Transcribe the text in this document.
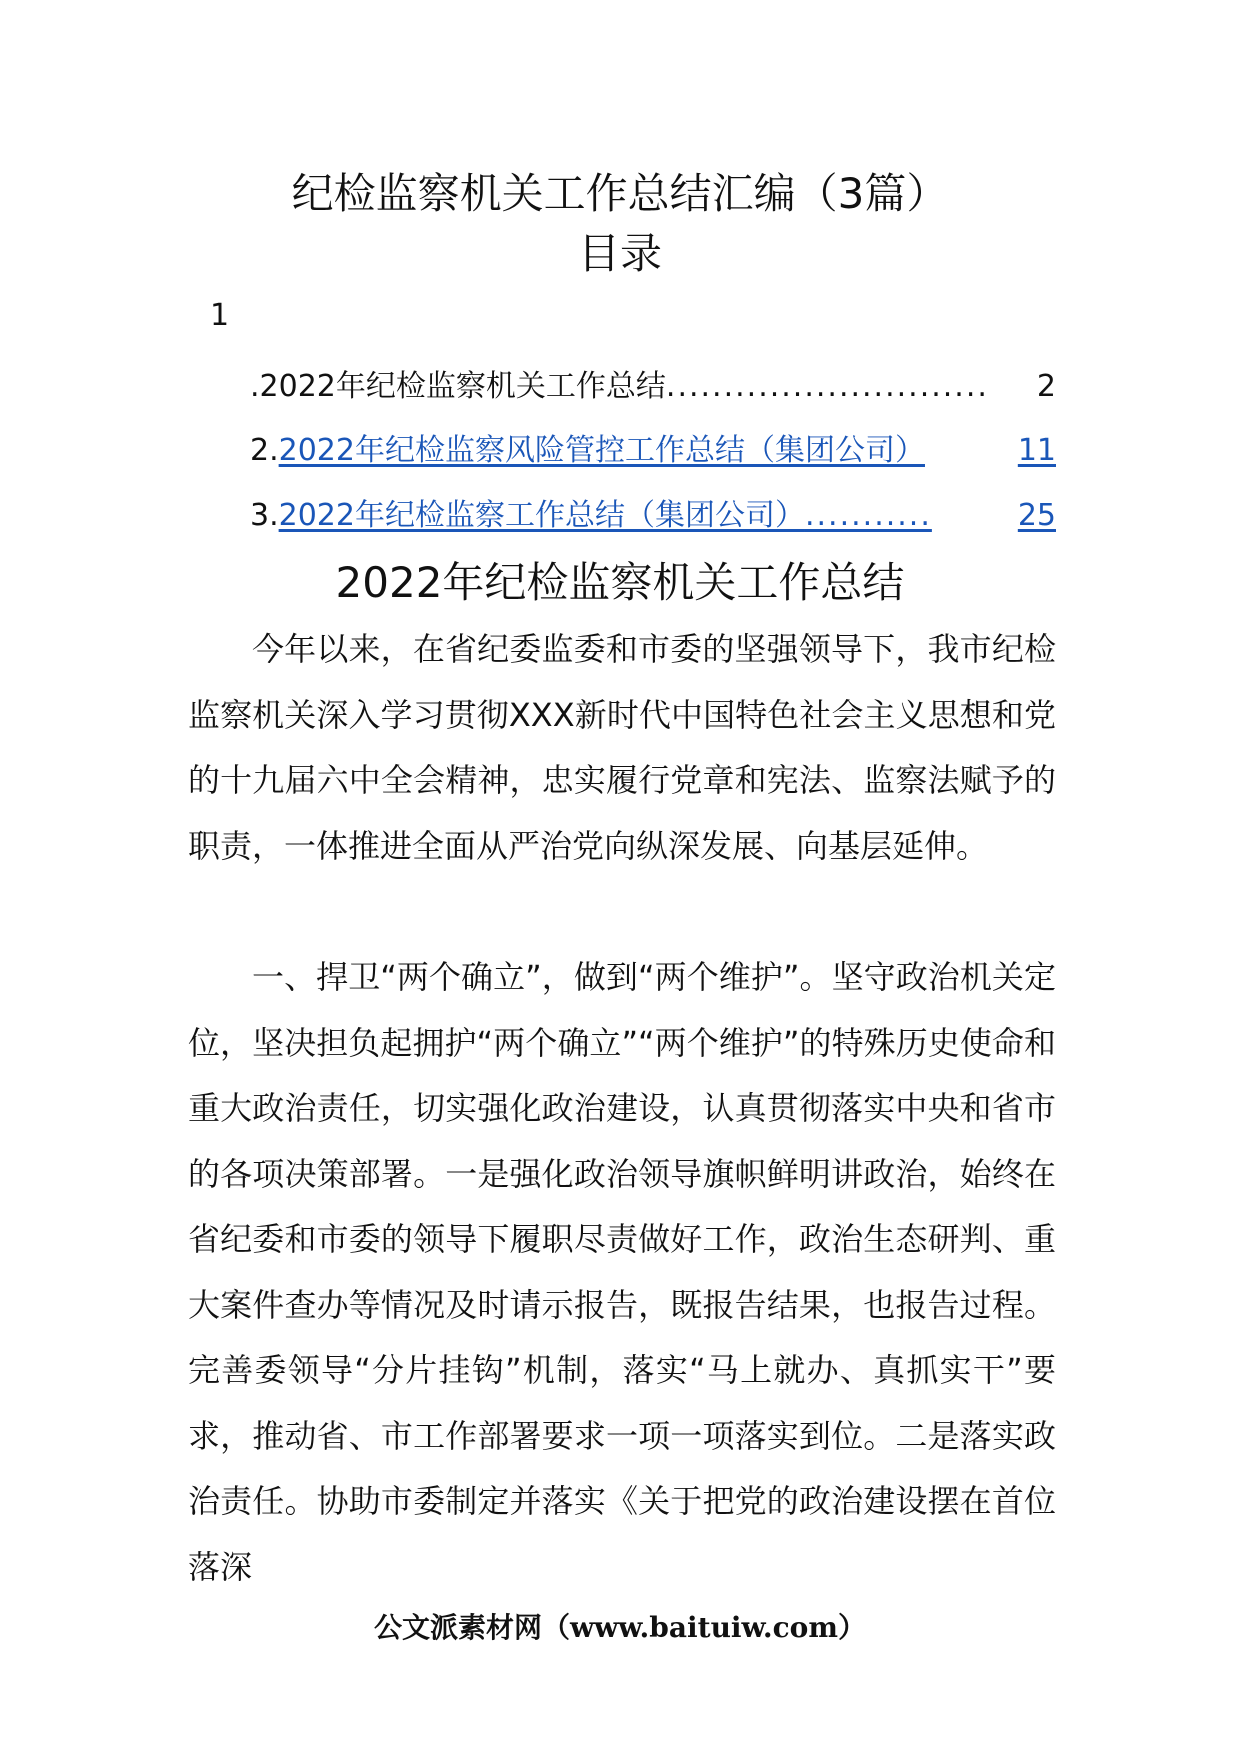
纪检监察机关工作总结汇编（3篇）
目录
1
. 2022年纪检监察机关工作总结 ............................	2
2. 2022年纪检监察风险管控工作总结（集团公司）	11
3. 2022年纪检监察工作总结（集团公司） ...........	25
2022年纪检监察机关工作总结

今年以来，在省纪委监委和市委的坚强领导下，我市纪检监察机关深入学习贯彻XXX新时代中国特色社会主义思想和党的十九届六中全会精神，忠实履行党章和宪法、监察法赋予的职责，一体推进全面从严治党向纵深发展、向基层延伸。

一、捍卫“两个确立”，做到“两个维护”。坚守政治机关定位，坚决担负起拥护“两个确立”“两个维护”的特殊历史使命和重大政治责任，切实强化政治建设，认真贯彻落实中央和省市的各项决策部署。一是强化政治领导旗帜鲜明讲政治，始终在省纪委和市委的领导下履职尽责做好工作，政治生态研判、重大案件查办等情况及时请示报告，既报告结果，也报告过程。完善委领导“分片挂钩”机制，落实“马上就办、真抓实干”要求，推动省、市工作部署要求一项一项落实到位。二是落实政治责任。协助市委制定并落实《关于把党的政治建设摆在首位落深

公文派素材网（www.baituiw.com）
